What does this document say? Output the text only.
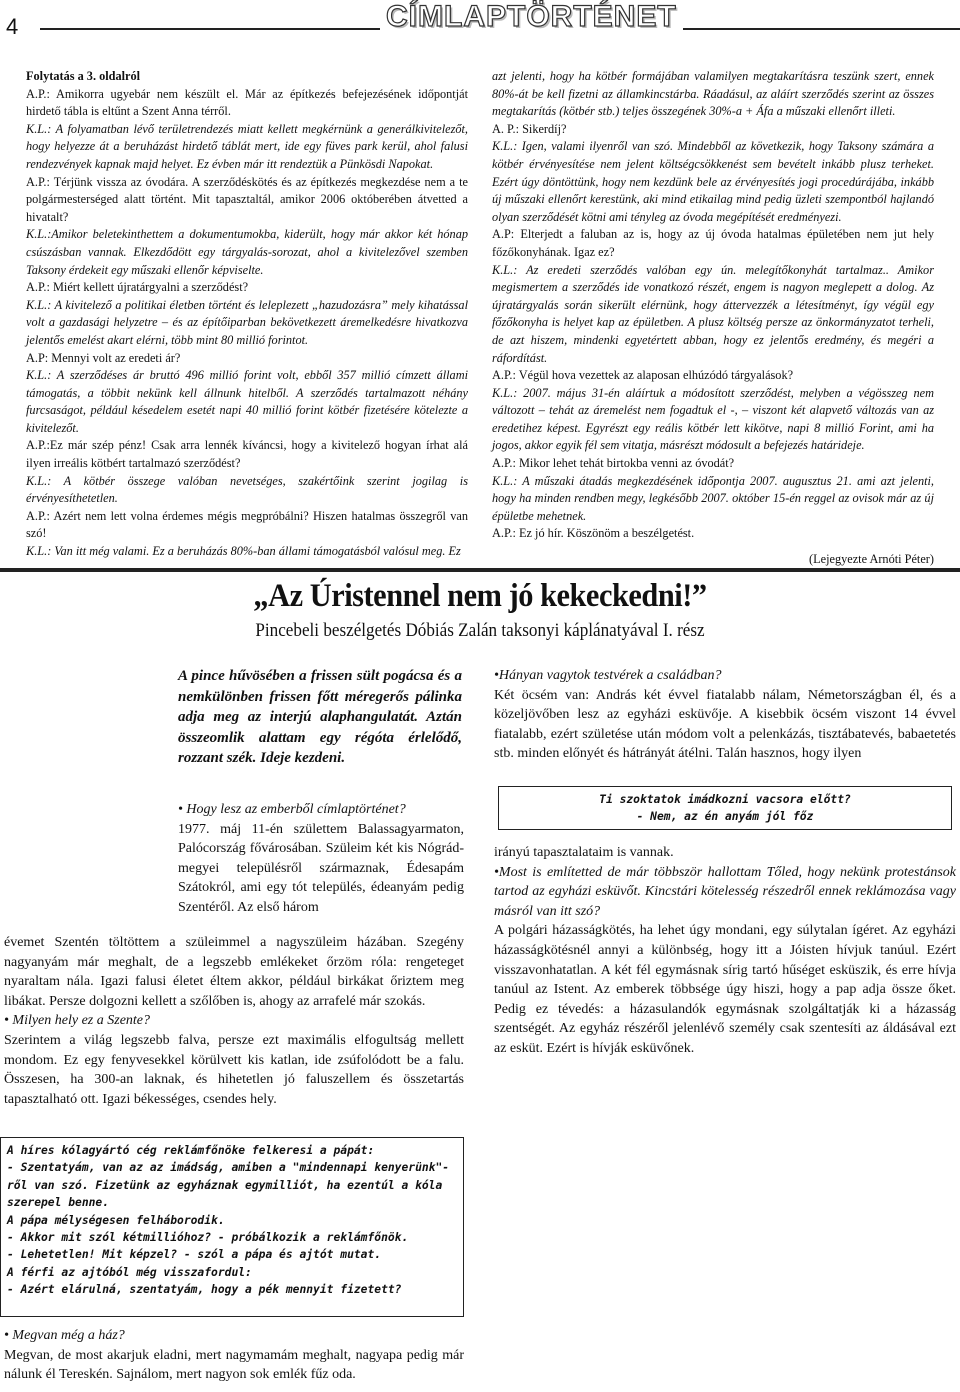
4	CÍMLAPTÖRTÉNET

Folytatás a 3. oldalról

A.P.: Amikorra ugyebár nem készült el. Már az építkezés befejezésének időpontját hirdető tábla is eltűnt a Szent Anna térről.

K.L.: A folyamatban lévő területrendezés miatt kellett megkérnünk a generálkivitelezőt, hogy helyezze át a beruházást hirdető táblát mert, ide egy füves park kerül, ahol falusi rendezvények kapnak majd helyet. Ez évben már itt rendeztük a Pünkösdi Napokat.

A.P.: Térjünk vissza az óvodára. A szerződéskötés és az építkezés megkezdése nem a te polgármesterséged alatt történt. Mit tapasztaltál, amikor 2006 októberében átvetted a hivatalt?

K.L.:Amikor beletekinthettem a dokumentumokba, kiderült, hogy már akkor két hónap csúszásban vannak. Elkezdődött egy tárgyalás-sorozat, ahol a kivitelezővel szemben Taksony érdekeit egy műszaki ellenőr képviselte.

A.P.: Miért kellett újratárgyalni a szerződést?

K.L.: A kivitelező a politikai életben történt és leleplezett „hazudozásra” mely kihatással volt a gazdasági helyzetre – és az építőiparban bekövetkezett áremelkedésre hivatkozva jelentős emelést akart elérni, több mint 80 millió forintot.

A.P: Mennyi volt az eredeti ár?

K.L.: A szerződéses ár bruttó 496 millió forint volt, ebből 357 millió címzett állami támogatás, a többit nekünk kell állnunk hitelből. A szerződés tartalmazott néhány furcsaságot, például késedelem esetét napi 40 millió forint kötbér fizetésére kötelezte a kivitelezőt.

A.P.:Ez már szép pénz! Csak arra lennék kíváncsi, hogy a kivitelező hogyan írhat alá ilyen irreális kötbért tartalmazó szerződést?

K.L.: A kötbér összege valóban nevetséges, szakértőink szerint jogilag is érvényesíthetetlen.

A.P.: Azért nem lett volna érdemes mégis megpróbálni? Hiszen hatalmas összegről van szó!

K.L.: Van itt még valami. Ez a beruházás 80%-ban állami támogatásból valósul meg. Ez

azt jelenti, hogy ha kötbér formájában valamilyen megtakarításra teszünk szert, ennek 80%-át be kell fizetni az államkincstárba. Ráadásul, az aláírt szerződés szerint az összes megtakarítás (kötbér stb.) teljes összegének 30%-a + Áfa a műszaki ellenőrt illeti.

A. P.: Sikerdíj?

K.L.: Igen, valami ilyenről van szó. Mindebből az következik, hogy Taksony számára a kötbér érvényesítése nem jelent költségcsökkenést sem bevételt inkább plusz terheket. Ezért úgy döntöttünk, hogy nem kezdünk bele az érvényesítés jogi procedúrájába, inkább új műszaki ellenőrt kerestünk, aki mind etikailag mind pedig üzleti szempontból hajlandó olyan szerződését kötni ami tényleg az óvoda megépítését eredményezi.

A.P: Elterjedt a faluban az is, hogy az új óvoda hatalmas épületében nem jut hely főzőkonyhának. Igaz ez?

K.L.: Az eredeti szerződés valóban egy ún. melegítőkonyhát tartalmaz.. Amikor megismertem a szerződés ide vonatkozó részét, engem is nagyon meglepett a dolog. Az újratárgyalás során sikerült elérnünk, hogy áttervezzék a létesítményt, így végül egy főzőkonyha is helyet kap az épületben. A plusz költség persze az önkormányzatot terheli, de azt hiszem, mindenki egyetértett abban, hogy ez jelentős eredmény, és megéri a ráfordítást.

A.P.: Végül hova vezettek az alaposan elhúzódó tárgyalások?

K.L.: 2007. május 31-én aláírtuk a módosított szerződést, melyben a végösszeg nem változott – tehát az áremelést nem fogadtuk el -, – viszont két alapvető változás van az eredetihez képest. Egyrészt egy reális kötbér lett kikötve, napi 8 millió Forint, ami ha jogos, akkor egyik fél sem vitatja, másrészt módosult a befejezés határideje.

A.P.: Mikor lehet tehát birtokba venni az óvodát?

K.L.: A műszaki átadás megkezdésének időpontja 2007. augusztus 21. ami azt jelenti, hogy ha minden rendben megy, legkésőbb 2007. október 15-én reggel az ovisok már az új épületbe mehetnek.

A.P.: Ez jó hír. Köszönöm a beszélgetést.

(Lejegyezte Arnóti Péter)

„Az Úristennel nem jó kekeckedni!”
Pincebeli beszélgetés Dóbiás Zalán taksonyi káplánatyával I. rész
A pince hűvösében a frissen sült pogácsa és a nemkülönben frissen főtt méregerős pálinka adja meg az interjú alaphangulatát. Aztán összeomlik alattam egy régóta érlelődő, rozzant szék. Ideje kezdeni.

• Hogy lesz az emberből címlaptörténet?

1977. máj 11-én születtem Balassagyarmaton, Palócország fővárosában. Szüleim két kis Nógrád-megyei településről származnak, Édesapám Szátokról, ami egy tót település, édeanyám pedig Szentéről. Az első három

évemet Szentén töltöttem a szüleimmel a nagyszüleim házában. Szegény nagyanyám már meghalt, de a legszebb emlékeket őrzöm róla: rengeteget nyaraltam nála. Igazi falusi életet éltem akkor, például birkákat őriztem meg libákat. Persze dolgozni kellett a szőlőben is, ahogy az arrafelé már szokás.

• Milyen hely ez a Szente?

Szerintem a világ legszebb falva, persze ezt maximális elfogultság mellett mondom. Ez egy fenyvesekkel körülvett kis katlan, ide zsúfolódott be a falu. Összesen, ha 300-an laknak, és hihetetlen jó faluszellem és összetartás tapasztalható ott. Igazi békességes, csendes hely.

A híres kólagyártó cég reklámfőnöke felkeresi a pápát:

- Szentatyám, van az az imádság, amiben a "mindennapi kenyerünk"-ről van szó. Fizetünk az egyháznak egymilliót, ha ezentúl a kóla szerepel benne.

A pápa mélységesen felháborodik.

- Akkor mit szól kétmillióhoz? - próbálkozik a reklámfőnök.

- Lehetetlen! Mit képzel? - szól a pápa és ajtót mutat.

A férfi az ajtóból még visszafordul:

- Azért elárulná, szentatyám, hogy a pék mennyit fizetett?

• Megvan még a ház?

Megvan, de most akarjuk eladni, mert nagymamám meghalt, nagyapa pedig már nálunk él Tereskén. Sajnálom, mert nagyon sok emlék fűz oda.

•Hányan vagytok testvérek a családban?

Két öcsém van: András két évvel fiatalabb nálam, Németországban él, és a közeljövőben lesz az egyházi esküvője. A kisebbik öcsém viszont 14 évvel fiatalabb, ezért születése után módom volt a pelenkázás, tisztábatevés, babaetetés stb. minden előnyét és hátrányát átélni. Talán hasznos, hogy ilyen

Ti szoktatok imádkozni vacsora előtt?

- Nem, az én anyám jól főz

irányú tapasztalataim is vannak.

•Most is említetted de már többször hallottam Tőled, hogy nekünk protestánsok tartod az egyházi esküvőt. Kincstári kötelesség részedről ennek reklámozása vagy másról van itt szó?

A polgári házasságkötés, ha lehet úgy mondani, egy súlytalan ígéret. Az egyházi házasságkötésnél annyi a különbség, hogy itt a Jóisten hívjuk tanúul. Ezért visszavonhatatlan. A két fél egymásnak sírig tartó hűséget esküszik, és erre hívja tanúul az Istent. Az emberek többsége úgy hiszi, hogy a pap adja össze őket. Pedig ez tévedés: a házasulandók egymásnak szolgáltatják ki a házasság szentségét. Az egyház részéről jelenlévő személy csak szentesíti az áldásával ezt az esküt. Ezért is hívják esküvőnek.
